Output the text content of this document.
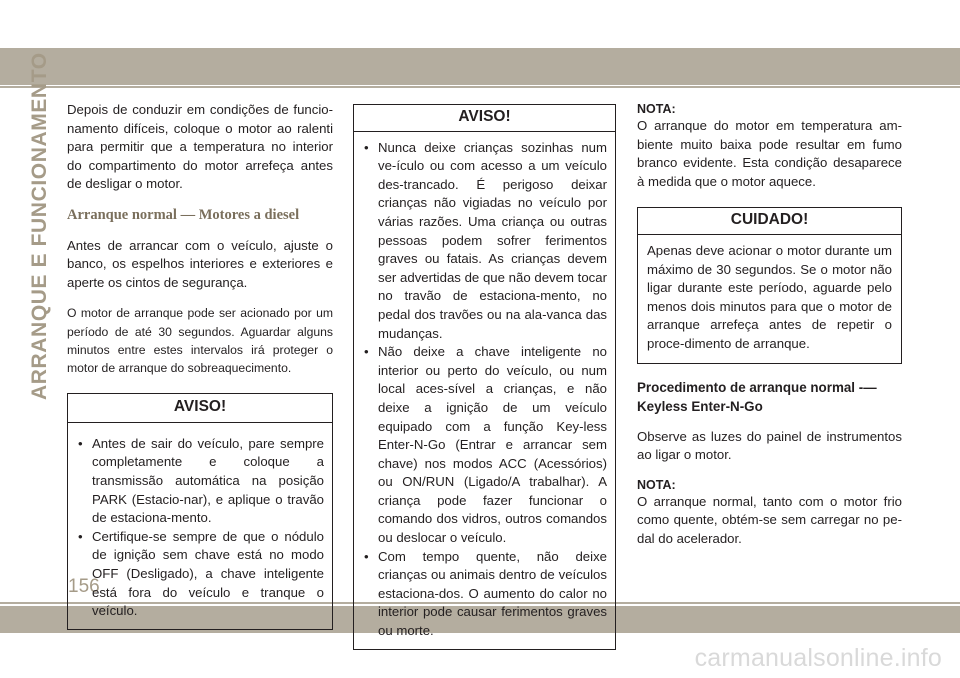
ARRANQUE E FUNCIONAMENTO
156
carmanualsonline.info

Depois de conduzir em condições de funcio-namento difíceis, coloque o motor ao ralenti para permitir que a temperatura no interior do compartimento do motor arrefeça antes de desligar o motor.

Arranque normal — Motores a diesel

Antes de arrancar com o veículo, ajuste o banco, os espelhos interiores e exteriores e aperte os cintos de segurança.

O motor de arranque pode ser acionado por um período de até 30 segundos. Aguardar alguns minutos entre estes intervalos irá proteger o motor de arranque do sobreaquecimento.

AVISO!
• Antes de sair do veículo, pare sempre completamente e coloque a transmissão automática na posição PARK (Estacio-nar), e aplique o travão de estaciona-mento.
• Certifique-se sempre de que o nódulo de ignição sem chave está no modo OFF (Desligado), a chave inteligente está fora do veículo e tranque o veículo.
AVISO!
• Nunca deixe crianças sozinhas num ve-ículo ou com acesso a um veículo des-trancado. É perigoso deixar crianças não vigiadas no veículo por várias razões. Uma criança ou outras pessoas podem sofrer ferimentos graves ou fatais. As crianças devem ser advertidas de que não devem tocar no travão de estaciona-mento, no pedal dos travões ou na ala-vanca das mudanças.
• Não deixe a chave inteligente no interior ou perto do veículo, ou num local aces-sível a crianças, e não deixe a ignição de um veículo equipado com a função Key-less Enter-N-Go (Entrar e arrancar sem chave) nos modos ACC (Acessórios) ou ON/RUN (Ligado/A trabalhar). A criança pode fazer funcionar o comando dos vidros, outros comandos ou deslocar o veículo.
• Com tempo quente, não deixe crianças ou animais dentro de veículos estaciona-dos. O aumento do calor no interior pode causar ferimentos graves ou morte.
NOTA:

O arranque do motor em temperatura am-biente muito baixa pode resultar em fumo branco evidente. Esta condição desaparece à medida que o motor aquece.

CUIDADO!
Apenas deve acionar o motor durante um máximo de 30 segundos. Se o motor não ligar durante este período, aguarde pelo menos dois minutos para que o motor de arranque arrefeça antes de repetir o proce-dimento de arranque.
Procedimento de arranque normal -— Keyless Enter-N-Go

Observe as luzes do painel de instrumentos ao ligar o motor.

NOTA:

O arranque normal, tanto com o motor frio como quente, obtém-se sem carregar no pe-dal do acelerador.
